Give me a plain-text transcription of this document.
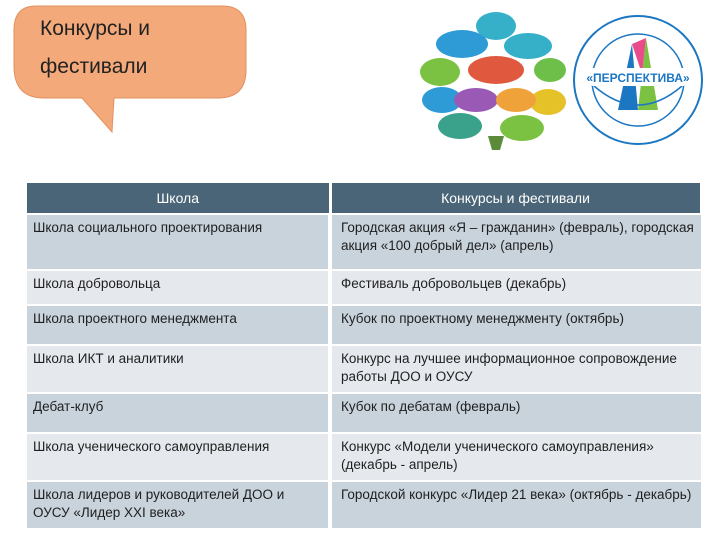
Конкурсы и фестивали	«ПЕРСПЕКТИВА»
Школа	Конкурсы и фестивали
Школа социального проектирования	Городская акция «Я – гражданин» (февраль), городская акция «100 добрый дел» (апрель)
Школа добровольца	Фестиваль добровольцев (декабрь)
Школа проектного менеджмента	Кубок по проектному менеджменту (октябрь)
Школа ИКТ и аналитики	Конкурс на лучшее информационное сопровождение работы ДОО и ОУСУ
Дебат-клуб	Кубок по дебатам (февраль)
Школа ученического самоуправления	Конкурс «Модели ученического самоуправления» (декабрь - апрель)
Школа лидеров и руководителей ДОО и ОУСУ «Лидер XXI века»	Городской конкурс «Лидер 21 века» (октябрь - декабрь)
